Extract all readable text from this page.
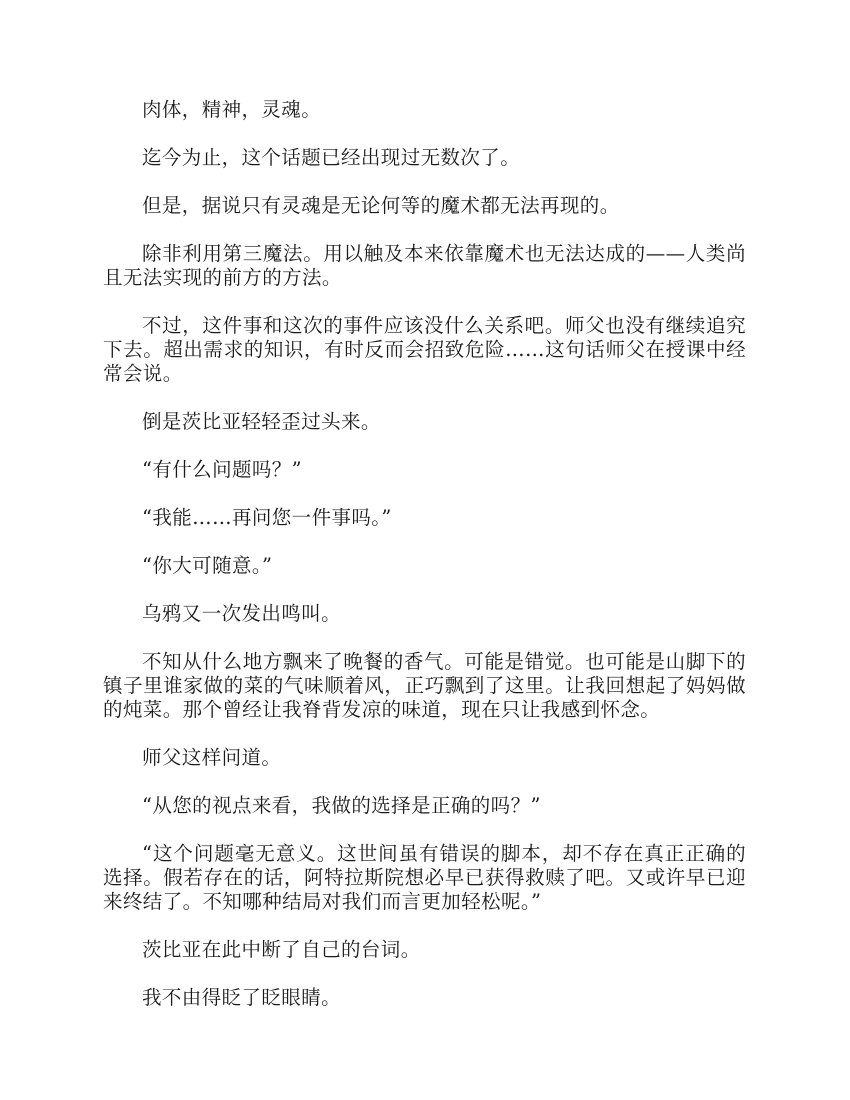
肉体，精神，灵魂。

迄今为止，这个话题已经出现过无数次了。

但是，据说只有灵魂是无论何等的魔术都无法再现的。

除非利用第三魔法。用以触及本来依靠魔术也无法达成的——人类尚且无法实现的前方的方法。

不过，这件事和这次的事件应该没什么关系吧。师父也没有继续追究下去。超出需求的知识，有时反而会招致危险……这句话师父在授课中经常会说。

倒是茨比亚轻轻歪过头来。

“有什么问题吗？”

“我能……再问您一件事吗。”

“你大可随意。”

乌鸦又一次发出鸣叫。

不知从什么地方飘来了晚餐的香气。可能是错觉。也可能是山脚下的镇子里谁家做的菜的气味顺着风，正巧飘到了这里。让我回想起了妈妈做的炖菜。那个曾经让我脊背发凉的味道，现在只让我感到怀念。

师父这样问道。

“从您的视点来看，我做的选择是正确的吗？”

“这个问题毫无意义。这世间虽有错误的脚本，却不存在真正正确的选择。假若存在的话，阿特拉斯院想必早已获得救赎了吧。又或许早已迎来终结了。不知哪种结局对我们而言更加轻松呢。”

茨比亚在此中断了自己的台词。

我不由得眨了眨眼睛。
